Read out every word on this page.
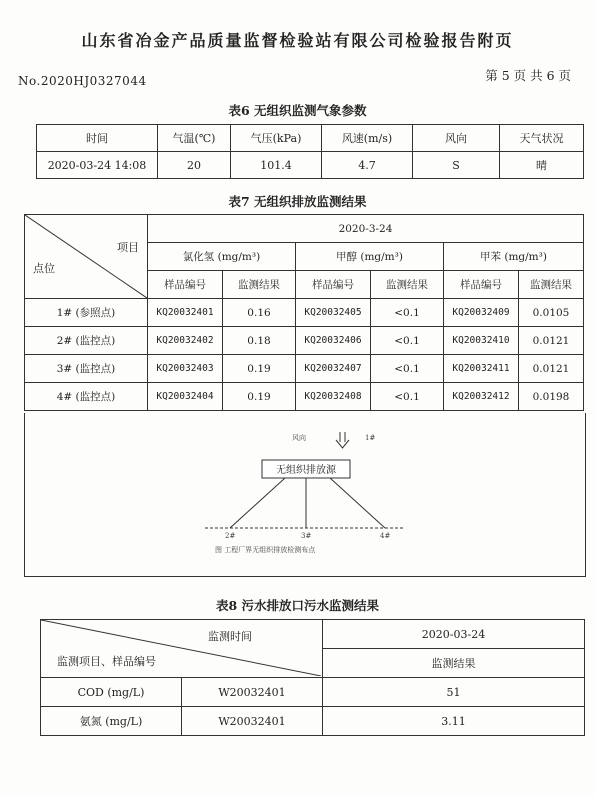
山东省冶金产品质量监督检验站有限公司检验报告附页
No.2020HJ0327044	第 5 页 共 6 页
表6 无组织监测气象参数
时间	气温(℃)	气压(kPa)	风速(m/s)	风向	天气状况
2020-03-24 14:08	20	101.4	4.7	S	晴
表7 无组织排放监测结果
项目
点位	2020-3-24					
	氯化氢 (mg/m³)		甲醇 (mg/m³)		甲苯 (mg/m³)	
	样品编号	监测结果	样品编号	监测结果	样品编号	监测结果
1# (参照点)	KQ20032401	0.16	KQ20032405	<0.1	KQ20032409	0.0105
2# (监控点)	KQ20032402	0.18	KQ20032406	<0.1	KQ20032410	0.0121
3# (监控点)	KQ20032403	0.19	KQ20032407	<0.1	KQ20032411	0.0121
4# (监控点)	KQ20032404	0.19	KQ20032408	<0.1	KQ20032412	0.0198
风向	1#
无组织排放源
2#	3#	4#
图 工程厂界无组织排放检测布点
表8 污水排放口污水监测结果
监测时间
监测项目、样品编号		2020-03-24
		监测结果
COD (mg/L)	W20032401	51
氨氮 (mg/L)	W20032401	3.11
